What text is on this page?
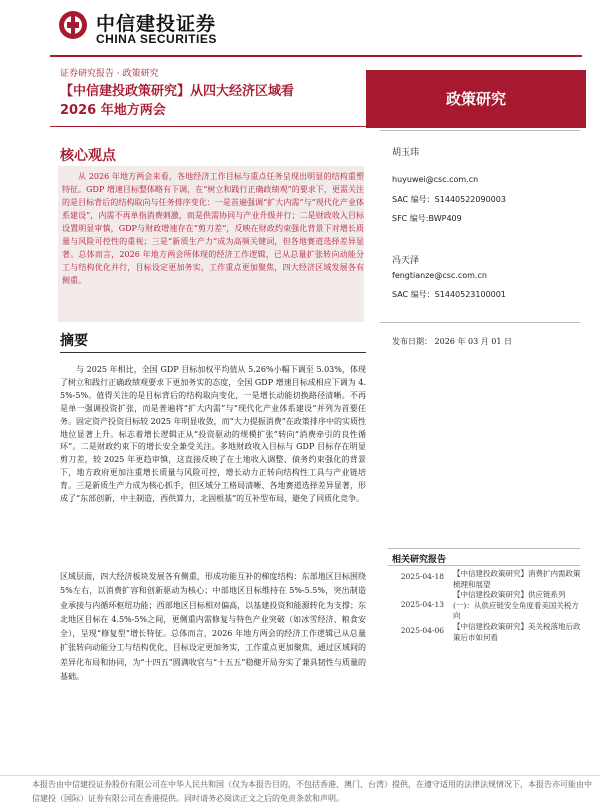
中信建投证券
CHINA SECURITIES
证券研究报告 · 政策研究
【中信建投政策研究】从四大经济区域看
2026 年地方两会
政策研究
核心观点
从 2026 年地方两会来看，各地经济工作目标与重点任务呈现出明显的结构重塑特征。GDP 增速目标整体略有下调，在“树立和践行正确政绩观”的要求下，更需关注的是目标背后的结构取向与任务排序变化：一是首遍强调“扩大内需”与“现代化产业体系建设”，内需不再单指消费刺激，而是供需协同与产业升级并行；二是财政收入目标设置明显审慎，GDP与财政增速存在“剪刀差”，反映在财政约束强化背景下对增长质量与风险可控性的重视；三是“新质生产力”成为高频关键词，但各地赛道选择差异显著。总体而言，2026 年地方两会所体现的经济工作逻辑，已从总量扩张转向动能分工与结构优化并行，目标设定更加务实，工作重点更加聚焦，四大经济区域发展各有侧重。
摘要
与 2025 年相比，全国 GDP 目标加权平均值从 5.26%小幅下调至 5.03%，体现了树立和践行正确政绩观要求下更加务实的态度，全国 GDP 增速目标成相应下调为 4.5%-5%。值得关注的是目标背后的结构取向变化，一是增长动能切换路径清晰。不再是单一强调投资扩张，而是普遍将“扩大内需”与“现代化产业体系建设”并列为首要任务。固定资产投资目标较 2025 年明显收敛，而“大力提振消费”在政策排序中的实质性地位显著上升。标志着增长逻辑正从“投资驱动的规模扩张”转向“消费牵引的良性循环”。二是财政约束下的增长安全兼受关注。多地财政收入目标与 GDP 目标存在明显剪刀差，较 2025 年更趋审慎，这直接反映了在土地收入调整、债务约束强化的背景下，地方政府更加注重增长质量与风险可控，增长动力正转向结构性工具与产业链培育。三是新质生产力成为核心抓手，但区域分工格局清晰、各地赛道选择差异显著，形成了“东部创新，中主制造，西供算力，北固根基”的互补型布局，避免了同质化竞争。
区域层面，四大经济板块发展各有侧重，形成功能互补的梯度结构：东部地区目标围绕 5%左右，以消费扩容和创新驱动为核心；中部地区目标维持在 5%-5.5%，突出制造业承接与内循环枢纽功能；西部地区目标相对偏高，以基建投资和能源转化为支撑；东北地区目标在 4.5%-5%之间，更侧重内需修复与特色产业突破（如冰雪经济、粮食安全），呈现“修复型”增长特征。总体而言，2026 年地方两会的经济工作逻辑已从总量扩张转向动能分工与结构优化，目标设定更加务实，工作重点更加聚焦，通过区域间的差异化布局和协同，为“十四五”圆满收官与“十五五”稳健开局夯实了兼具韧性与质量的基础。
胡玉玮
huyuwei@csc.com.cn
SAC 编号：S1440522090003
SFC 编号:BWP409
冯天泽
fengtianze@csc.com.cn
SAC 编号：S1440523100001
发布日期： 2026 年 03 月 01 日
相关研究报告
2025-04-18 【中信建投政策研究】消费扩内需政策梳理和展望
2025-04-13
【中信建投政策研究】供应链系列(一)：从供应链安全角度看美国关税方向
2025-04-06 【中信建投政策研究】美关税落地后政策后市如何看
本报告由中信建投证券股份有限公司在中华人民共和国（仅为本报告目的，不包括香港、澳门、台湾）提供，在遵守适用的法律法规情况下，本报告亦可能由中信建投（国际）证券有限公司在香港提供。同时请务必阅读正文之后的免责条款和声明。
